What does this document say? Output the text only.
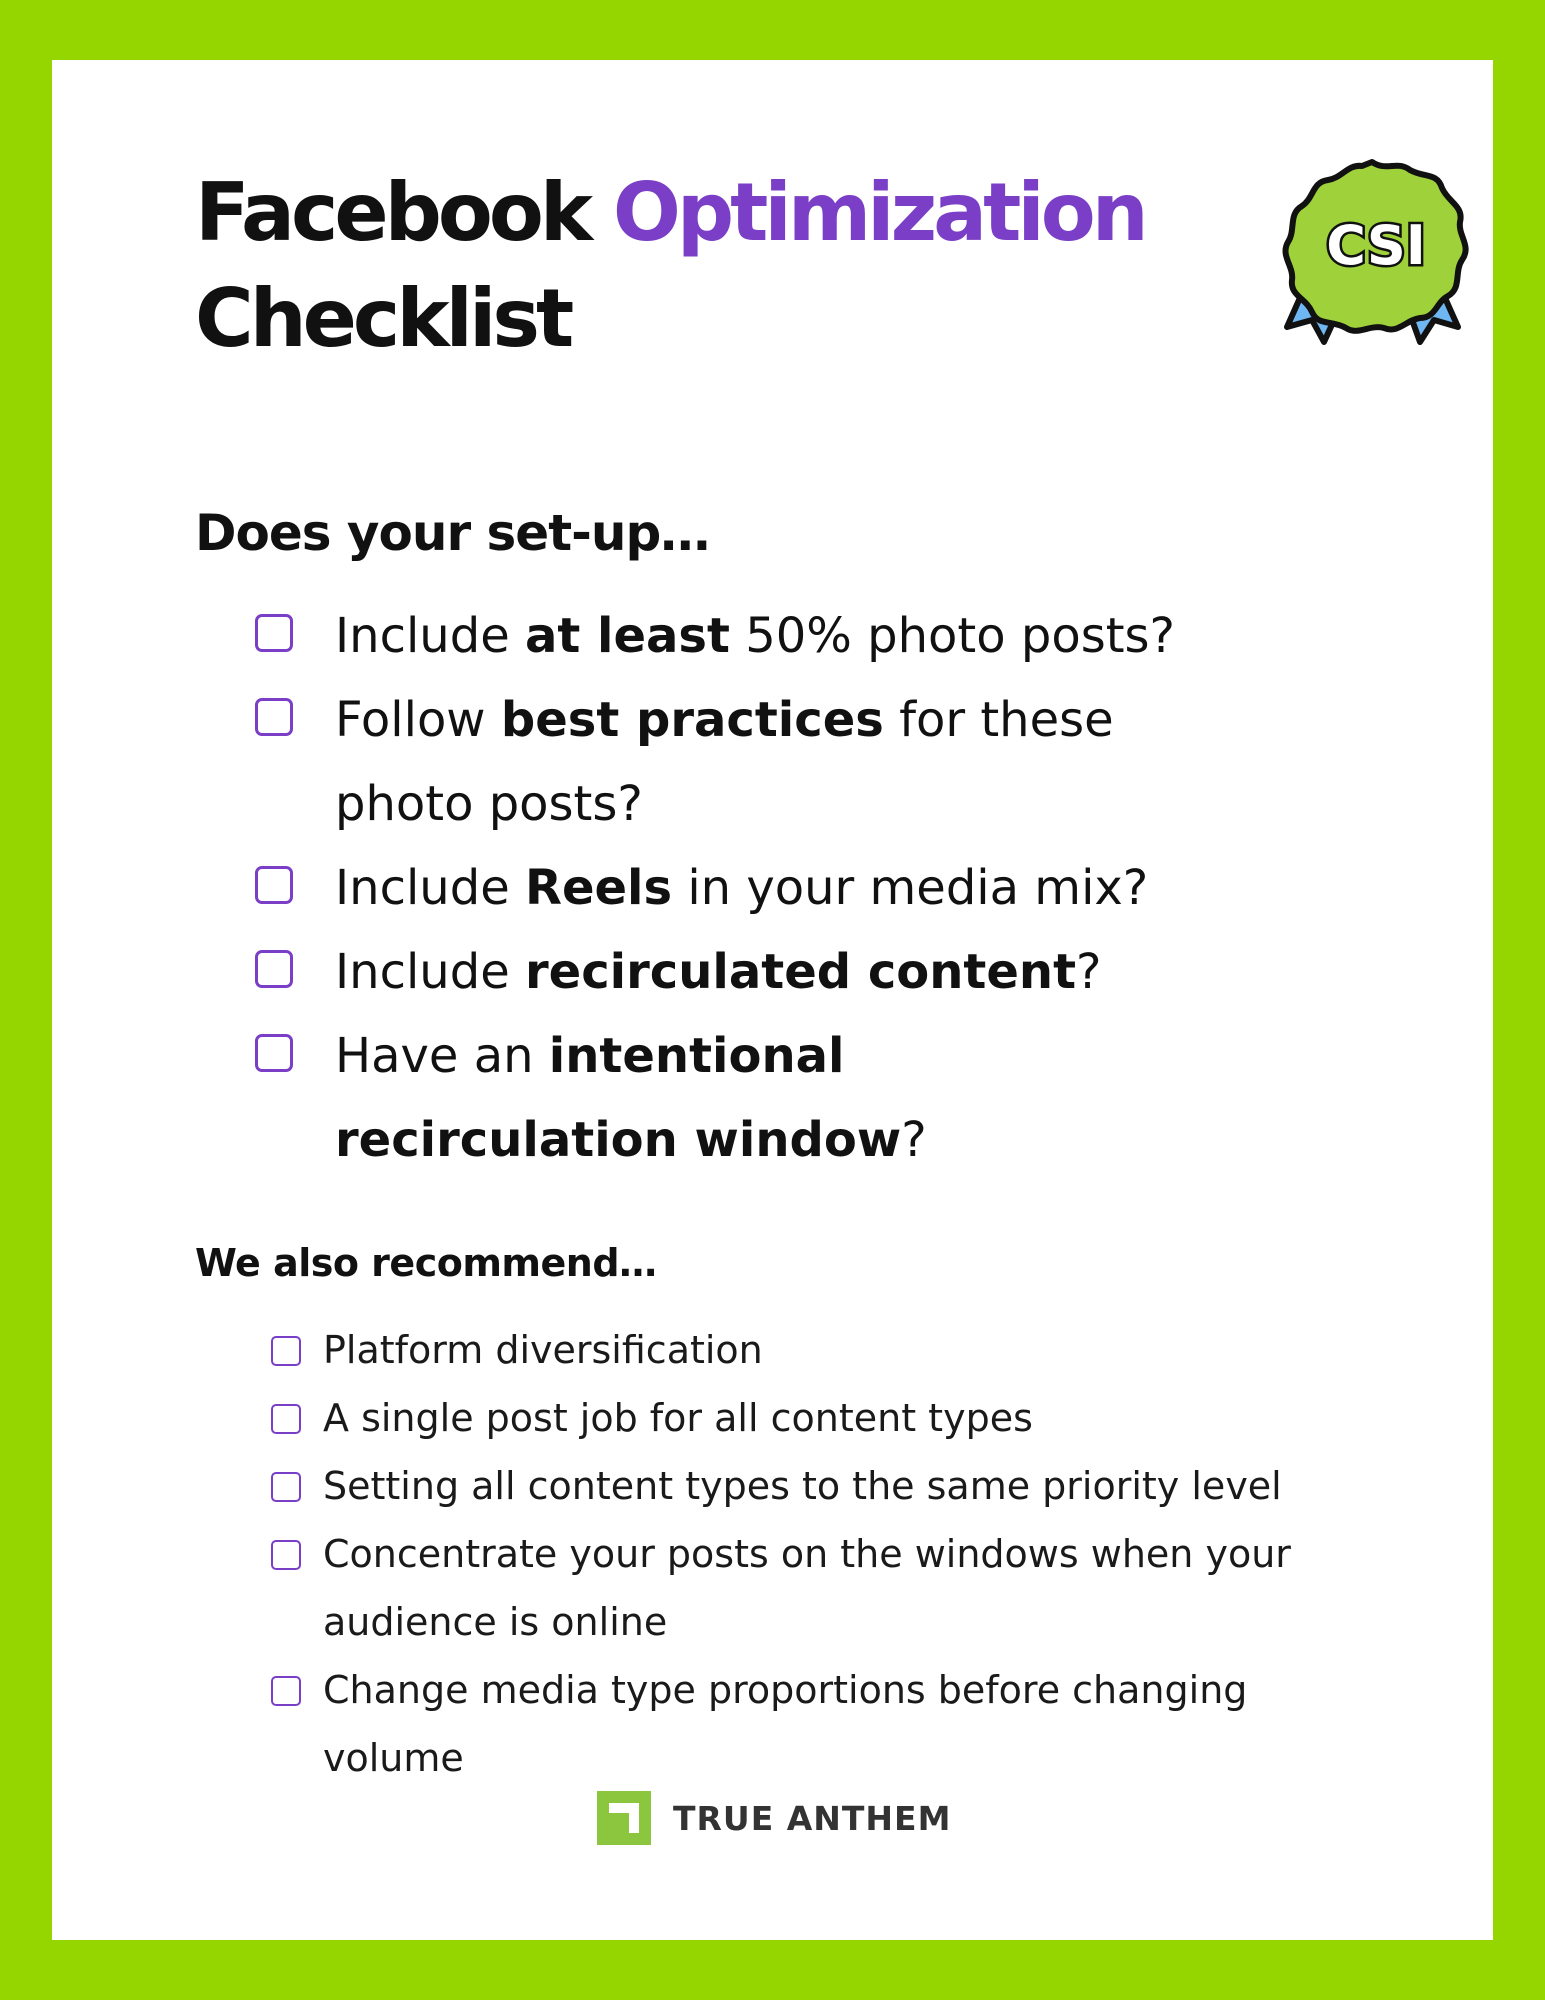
Facebook Optimization
Checklist
CSI
Does your set-up…
Include at least 50% photo posts?
Follow best practices for these photo posts?
Include Reels in your media mix?
Include recirculated content?
Have an intentional recirculation window?
We also recommend…
Platform diversification
A single post job for all content types
Setting all content types to the same priority level
Concentrate your posts on the windows when your audience is online
Change media type proportions before changing volume
TRUE ANTHEM
